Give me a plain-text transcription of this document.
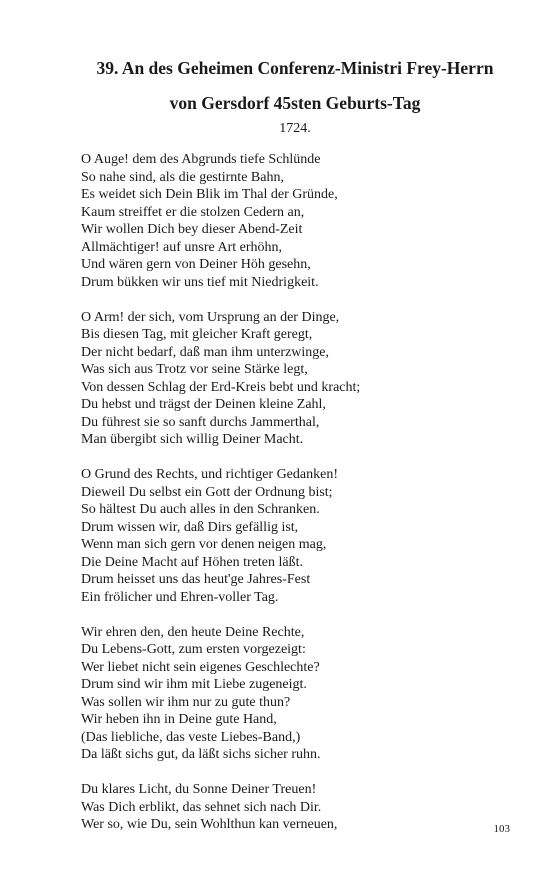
39. An des Geheimen Conferenz-Ministri Frey-Herrn
von Gersdorf 45sten Geburts-Tag
1724.
O Auge! dem des Abgrunds tiefe Schlünde
So nahe sind, als die gestirnte Bahn,
Es weidet sich Dein Blik im Thal der Gründe,
Kaum streiffet er die stolzen Cedern an,
Wir wollen Dich bey dieser Abend-Zeit
Allmächtiger! auf unsre Art erhöhn,
Und wären gern von Deiner Höh gesehn,
Drum bükken wir uns tief mit Niedrigkeit.
O Arm! der sich, vom Ursprung an der Dinge,
Bis diesen Tag, mit gleicher Kraft geregt,
Der nicht bedarf, daß man ihm unterzwinge,
Was sich aus Trotz vor seine Stärke legt,
Von dessen Schlag der Erd-Kreis bebt und kracht;
Du hebst und trägst der Deinen kleine Zahl,
Du führest sie so sanft durchs Jammerthal,
Man übergibt sich willig Deiner Macht.
O Grund des Rechts, und richtiger Gedanken!
Dieweil Du selbst ein Gott der Ordnung bist;
So hältest Du auch alles in den Schranken.
Drum wissen wir, daß Dirs gefällig ist,
Wenn man sich gern vor denen neigen mag,
Die Deine Macht auf Höhen treten läßt.
Drum heisset uns das heut'ge Jahres-Fest
Ein frölicher und Ehren-voller Tag.
Wir ehren den, den heute Deine Rechte,
Du Lebens-Gott, zum ersten vorgezeigt:
Wer liebet nicht sein eigenes Geschlechte?
Drum sind wir ihm mit Liebe zugeneigt.
Was sollen wir ihm nur zu gute thun?
Wir heben ihn in Deine gute Hand,
(Das liebliche, das veste Liebes-Band,)
Da läßt sichs gut, da läßt sichs sicher ruhn.
Du klares Licht, du Sonne Deiner Treuen!
Was Dich erblikt, das sehnet sich nach Dir.
Wer so, wie Du, sein Wohlthun kan verneuen,	103
